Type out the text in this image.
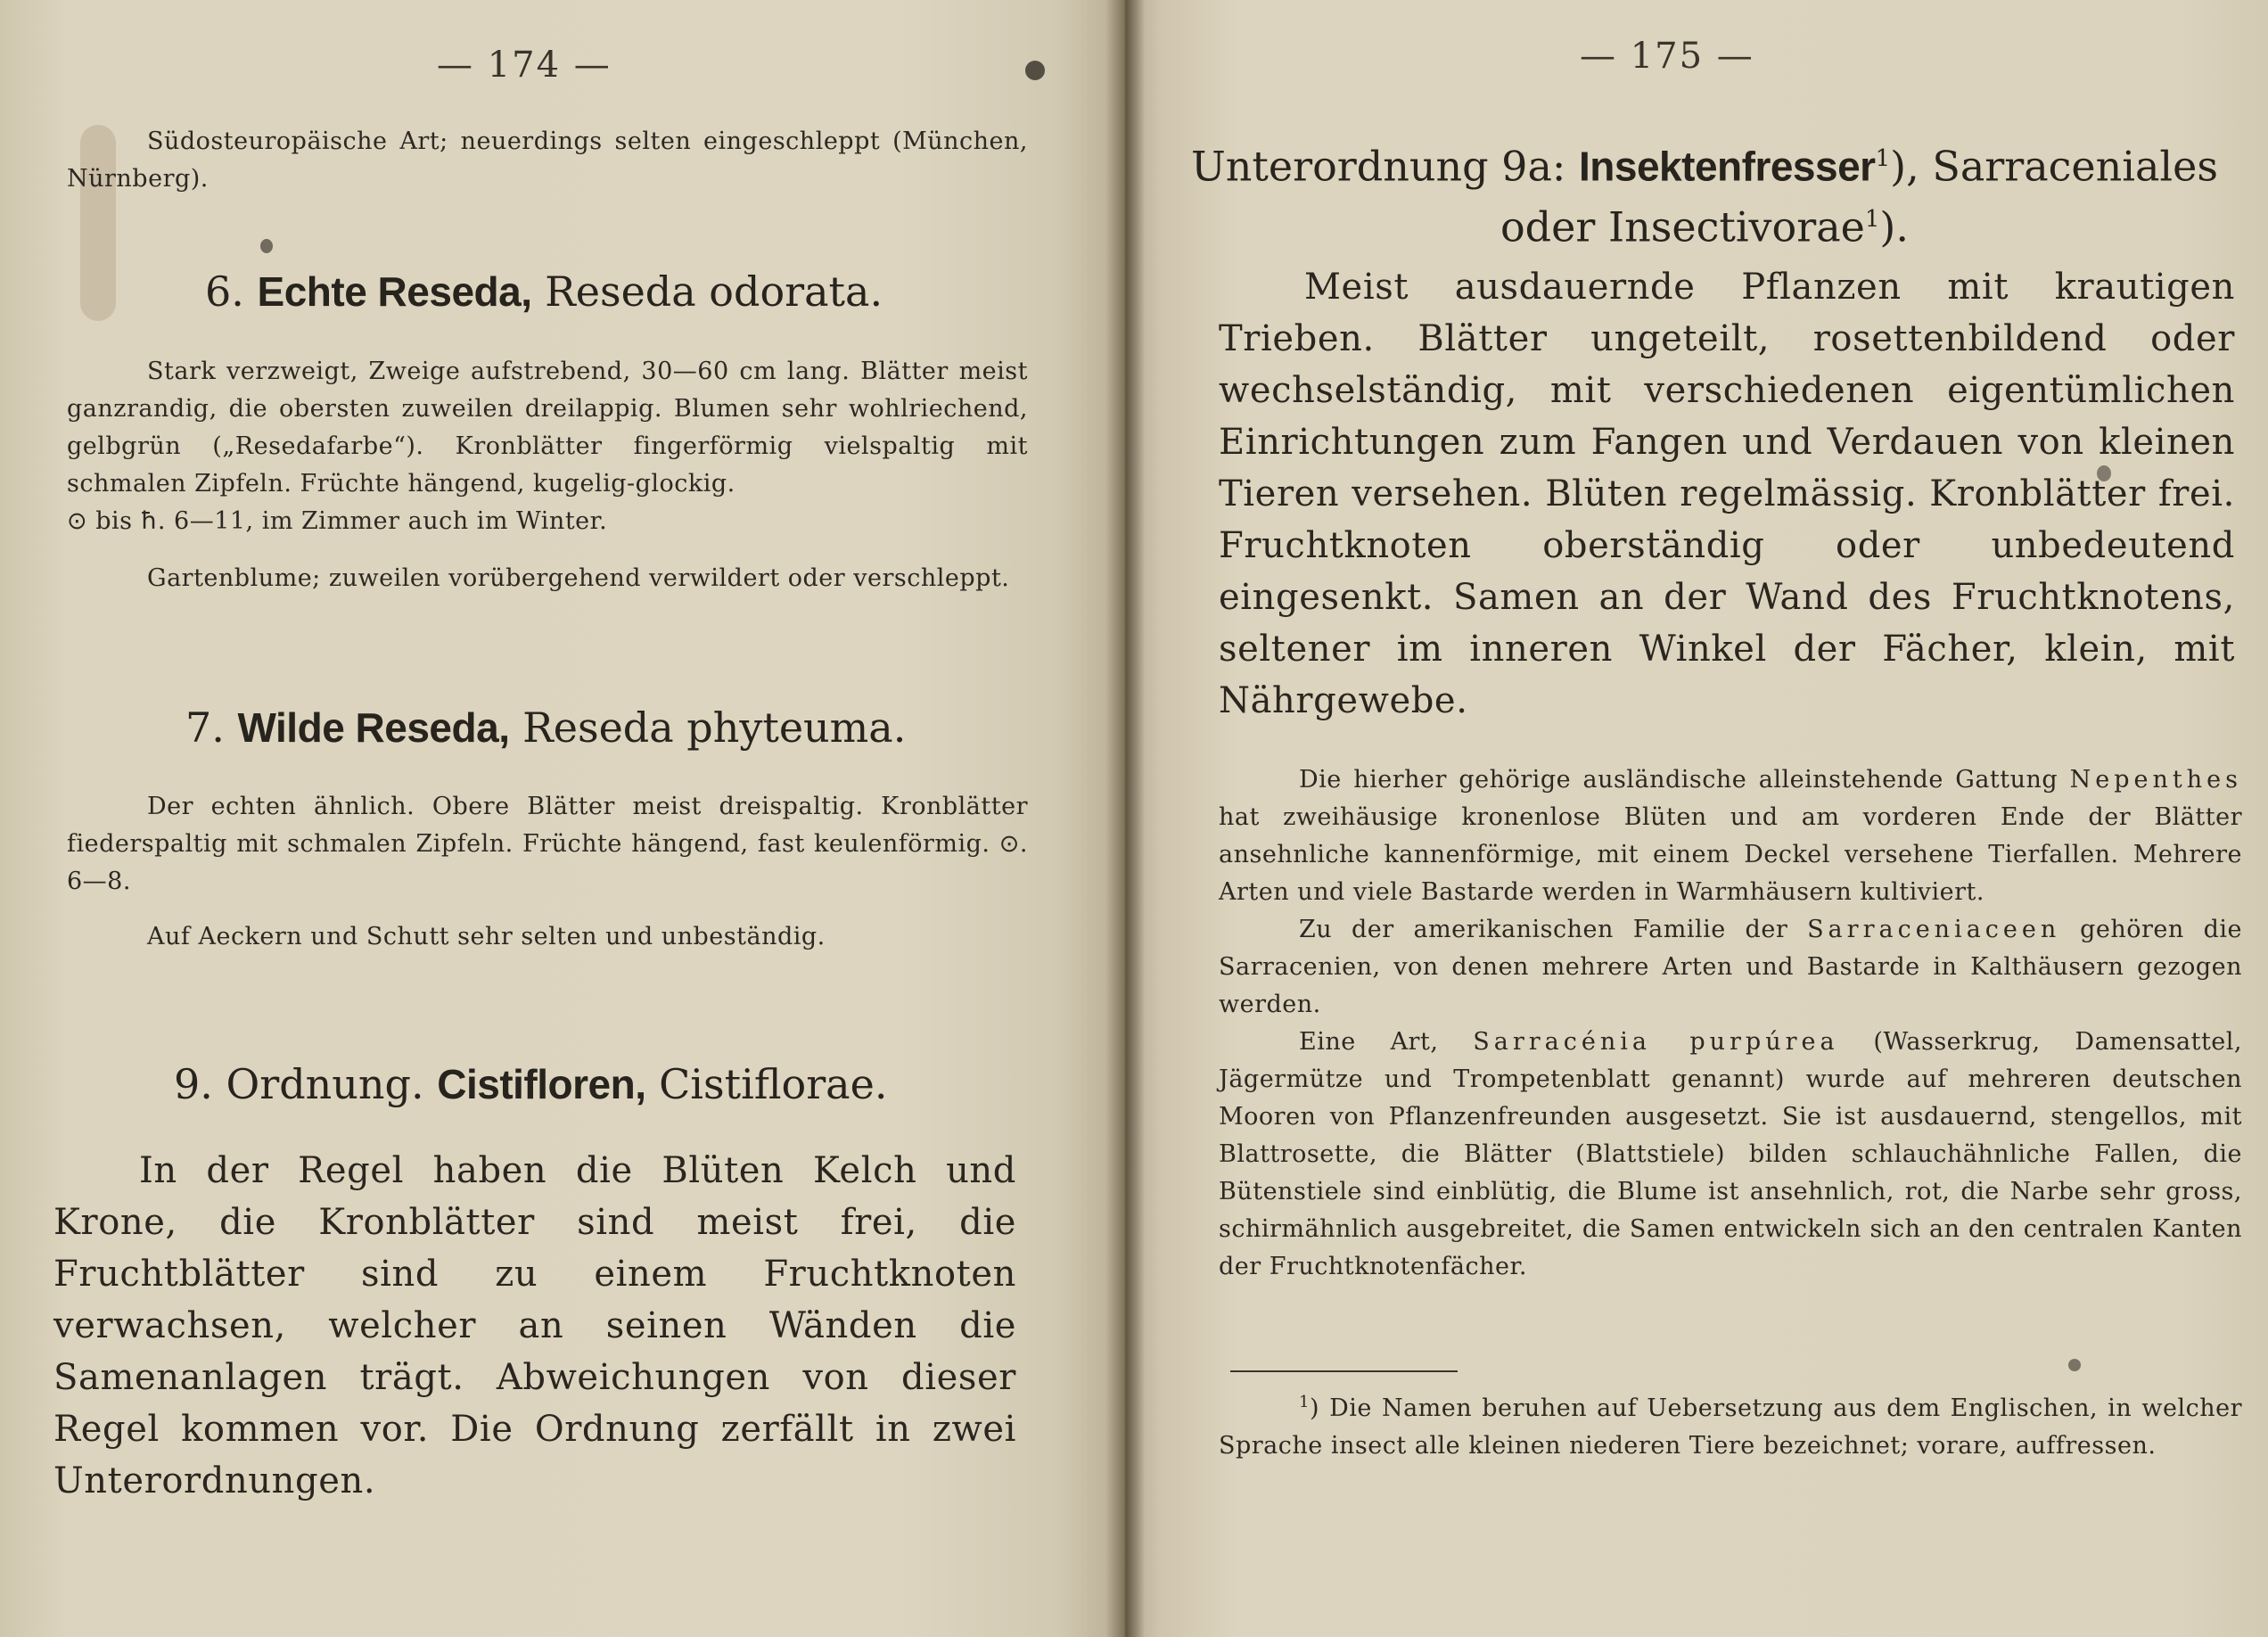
— 174 —

Südosteuropäische Art; neuerdings selten eingeschleppt (München, Nürnberg).

6. Echte Reseda, Reseda odorata.

Stark verzweigt, Zweige aufstrebend, 30—60 cm lang. Blätter meist ganzrandig, die obersten zuweilen dreilappig. Blumen sehr wohlriechend, gelbgrün („Resedafarbe“). Kronblätter fingerförmig vielspaltig mit schmalen Zipfeln. Früchte hängend, kugelig-glockig.

⊙ bis ħ. 6—11, im Zimmer auch im Winter.

Gartenblume; zuweilen vorübergehend verwildert oder verschleppt.

7. Wilde Reseda, Reseda phyteuma.

Der echten ähnlich. Obere Blätter meist dreispaltig. Kronblätter fiederspaltig mit schmalen Zipfeln. Früchte hängend, fast keulenförmig. ⊙. 6—8.

Auf Aeckern und Schutt sehr selten und unbeständig.

9. Ordnung. Cistifloren, Cistiflorae.

In der Regel haben die Blüten Kelch und Krone, die Kronblätter sind meist frei, die Fruchtblätter sind zu einem Fruchtknoten verwachsen, welcher an seinen Wänden die Samenanlagen trägt. Abweichungen von dieser Regel kommen vor. Die Ordnung zerfällt in zwei Unterordnungen.

— 175 —

Unterordnung 9a: Insektenfresser$^1$), Sarraceniales
oder Insectivorae$^1$).

Meist ausdauernde Pflanzen mit krautigen Trieben. Blätter ungeteilt, rosettenbildend oder wechselständig, mit verschiedenen eigentümlichen Einrichtungen zum Fangen und Verdauen von kleinen Tieren versehen. Blüten regelmässig. Kronblätter frei. Fruchtknoten oberständig oder unbedeutend eingesenkt. Samen an der Wand des Fruchtknotens, seltener im inneren Winkel der Fächer, klein, mit Nährgewebe.

Die hierher gehörige ausländische alleinstehende Gattung Nepenthes hat zweihäusige kronenlose Blüten und am vorderen Ende der Blätter ansehnliche kannenförmige, mit einem Deckel versehene Tierfallen. Mehrere Arten und viele Bastarde werden in Warmhäusern kultiviert.

Zu der amerikanischen Familie der Sarraceniaceen gehören die Sarracenien, von denen mehrere Arten und Bastarde in Kalthäusern gezogen werden.

Eine Art, Sarracénia purpúrea (Wasserkrug, Damensattel, Jägermütze und Trompetenblatt genannt) wurde auf mehreren deutschen Mooren von Pflanzenfreunden ausgesetzt. Sie ist ausdauernd, stengellos, mit Blattrosette, die Blätter (Blattstiele) bilden schlauchähnliche Fallen, die Bütenstiele sind einblütig, die Blume ist ansehnlich, rot, die Narbe sehr gross, schirmähnlich ausgebreitet, die Samen entwickeln sich an den centralen Kanten der Fruchtknotenfächer.

$^1$) Die Namen beruhen auf Uebersetzung aus dem Englischen, in welcher Sprache insect alle kleinen niederen Tiere bezeichnet; vorare, auffressen.
